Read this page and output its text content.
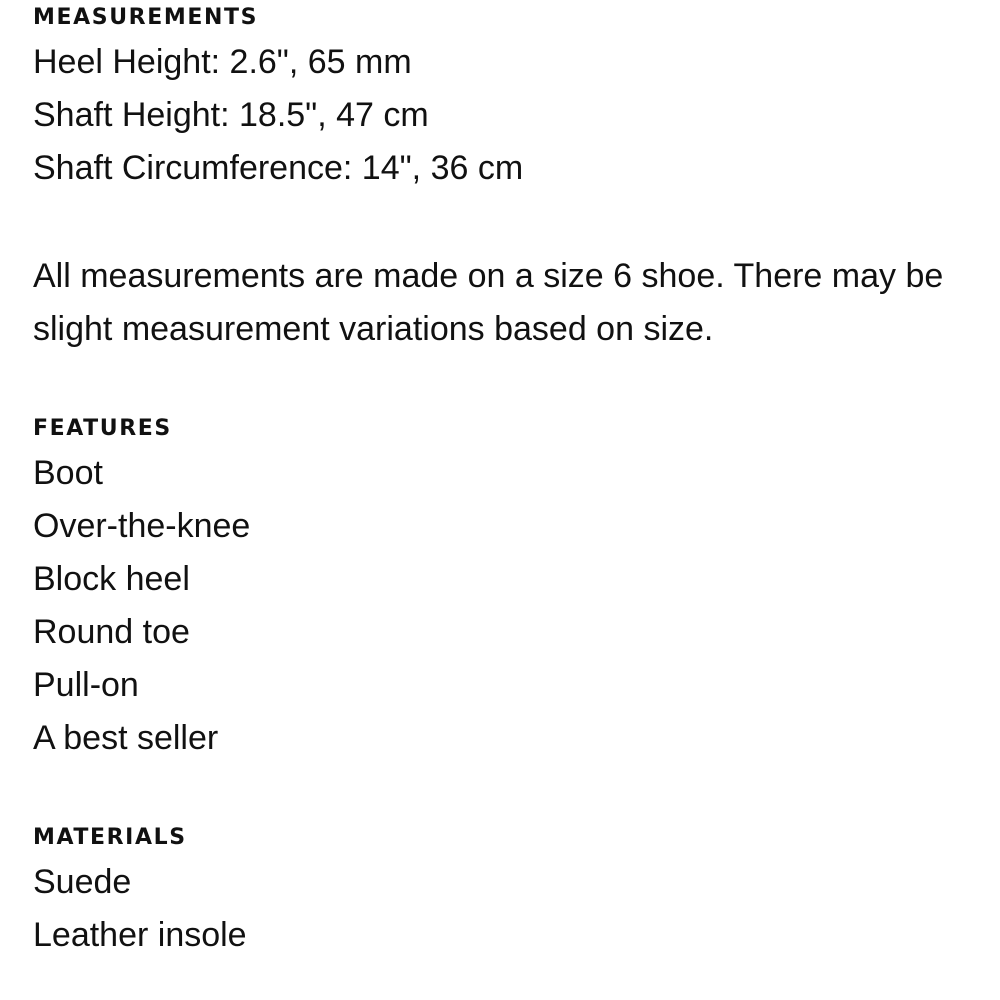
MEASUREMENTS

Heel Height: 2.6", 65 mm

Shaft Height: 18.5", 47 cm

Shaft Circumference: 14", 36 cm

All measurements are made on a size 6 shoe. There may be slight measurement variations based on size.

FEATURES

Boot

Over-the-knee

Block heel

Round toe

Pull-on

A best seller

MATERIALS

Suede

Leather insole
